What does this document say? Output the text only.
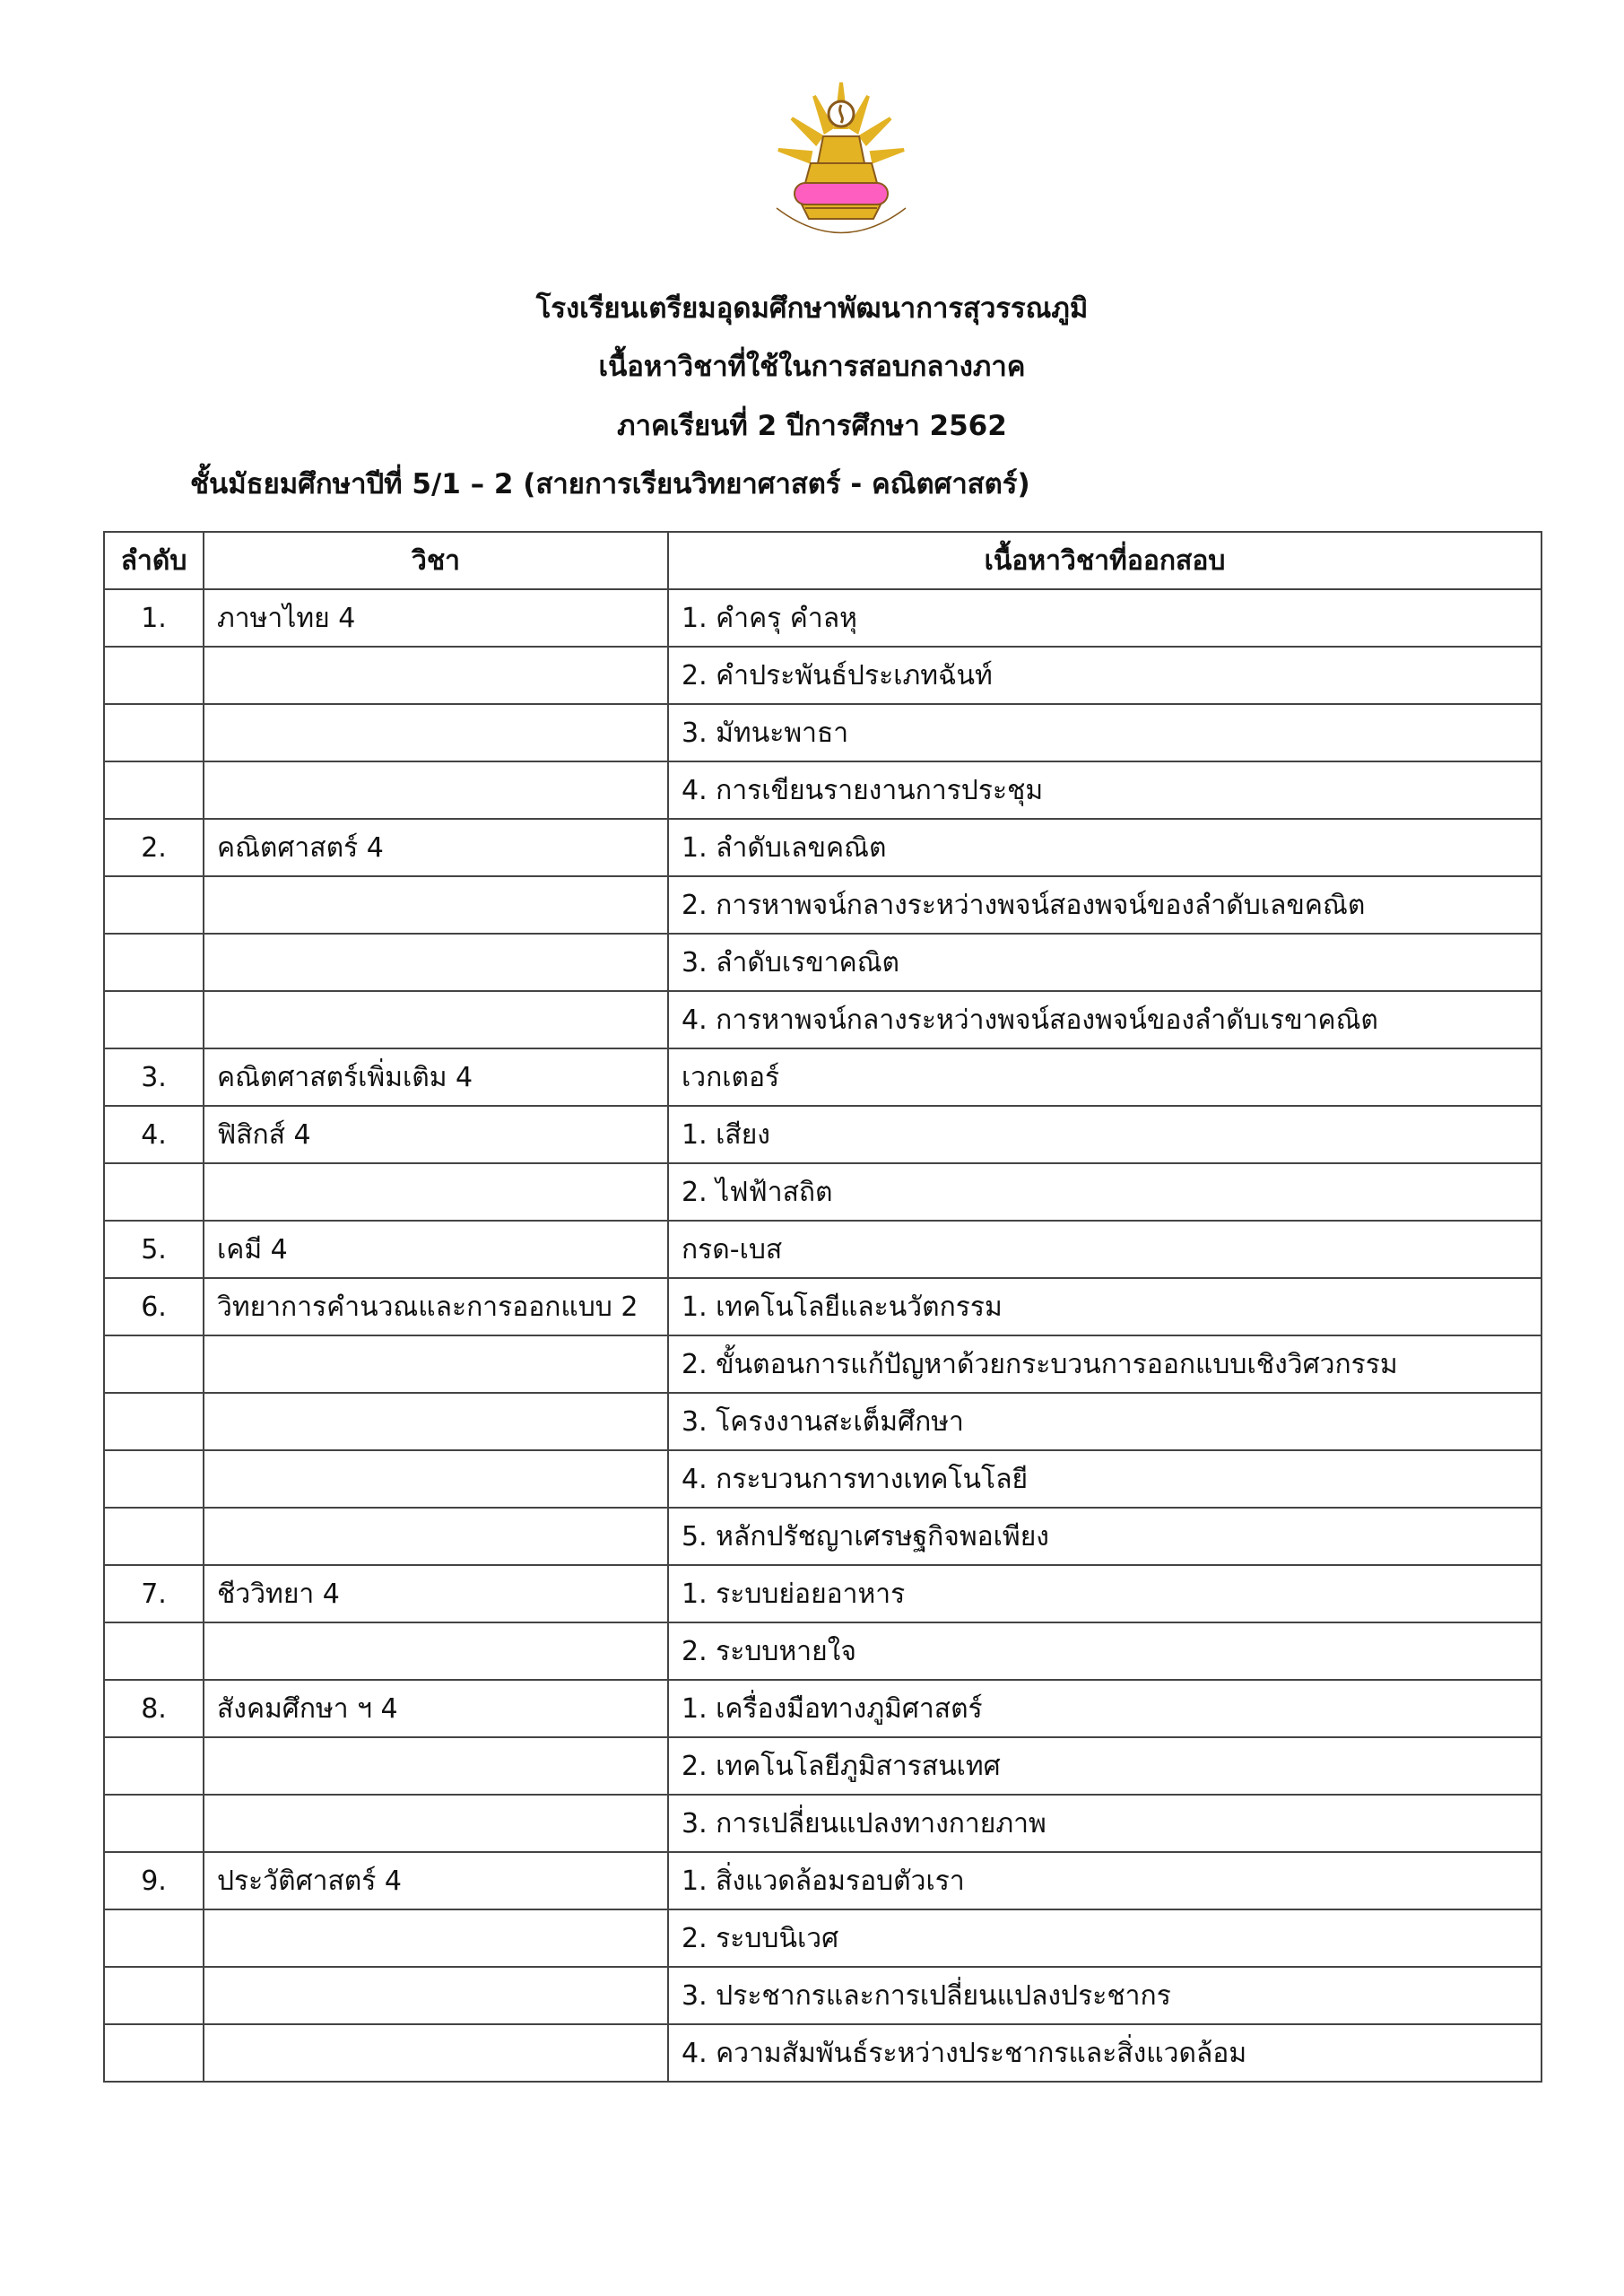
โรงเรียนเตรียมอุดมศึกษาพัฒนาการสุวรรณภูมิ
เนื้อหาวิชาที่ใช้ในการสอบกลางภาค
ภาคเรียนที่ 2 ปีการศึกษา 2562
ชั้นมัธยมศึกษาปีที่ 5/1 – 2 (สายการเรียนวิทยาศาสตร์ - คณิตศาสตร์)
ลำดับ	วิชา	เนื้อหาวิชาที่ออกสอบ
1.	ภาษาไทย 4	1. คำครุ คำลหุ
		2. คำประพันธ์ประเภทฉันท์
		3. มัทนะพาธา
		4. การเขียนรายงานการประชุม
2.	คณิตศาสตร์ 4	1. ลำดับเลขคณิต
		2. การหาพจน์กลางระหว่างพจน์สองพจน์ของลำดับเลขคณิต
		3. ลำดับเรขาคณิต
		4. การหาพจน์กลางระหว่างพจน์สองพจน์ของลำดับเรขาคณิต
3.	คณิตศาสตร์เพิ่มเติม 4	เวกเตอร์
4.	ฟิสิกส์ 4	1. เสียง
		2. ไฟฟ้าสถิต
5.	เคมี 4	กรด-เบส
6.	วิทยาการคำนวณและการออกแบบ 2	1. เทคโนโลยีและนวัตกรรม
		2. ขั้นตอนการแก้ปัญหาด้วยกระบวนการออกแบบเชิงวิศวกรรม
		3. โครงงานสะเต็มศึกษา
		4. กระบวนการทางเทคโนโลยี
		5. หลักปรัชญาเศรษฐกิจพอเพียง
7.	ชีววิทยา 4	1. ระบบย่อยอาหาร
		2. ระบบหายใจ
8.	สังคมศึกษา ฯ 4	1. เครื่องมือทางภูมิศาสตร์
		2. เทคโนโลยีภูมิสารสนเทศ
		3. การเปลี่ยนแปลงทางกายภาพ
9.	ประวัติศาสตร์ 4	1. สิ่งแวดล้อมรอบตัวเรา
		2. ระบบนิเวศ
		3. ประชากรและการเปลี่ยนแปลงประชากร
		4. ความสัมพันธ์ระหว่างประชากรและสิ่งแวดล้อม
